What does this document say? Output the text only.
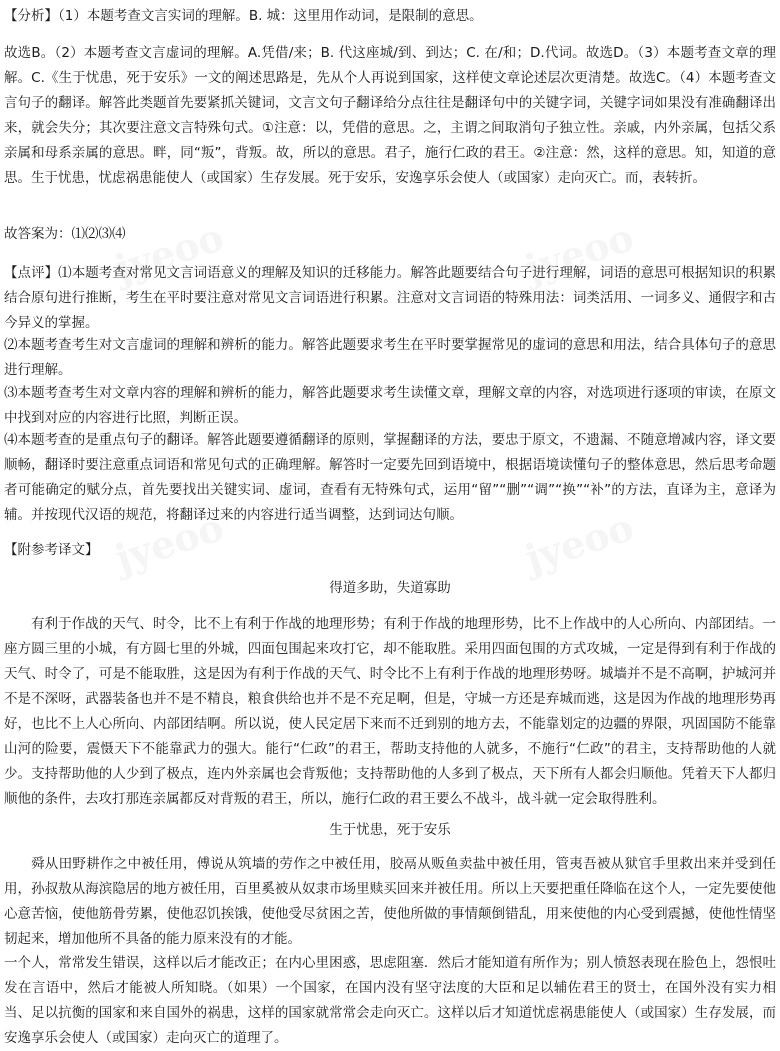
jyeoo	jyeoo
jyeoo	jyeoo

【分析】（1）本题考查文言实词的理解。B. 城：这里用作动词，是限制的意思。

故选B。（2）本题考查文言虚词的理解。A.凭借/来；B. 代这座城/到、到达；C. 在/和；D.代词。故选D。（3）本题考查文章的理解。C.《生于忧患，死于安乐》一文的阐述思路是，先从个人再说到国家，这样使文章论述层次更清楚。故选C。（4）本题考查文言句子的翻译。解答此类题首先要紧抓关键词，文言文句子翻译给分点往往是翻译句中的关键字词，关键字词如果没有准确翻译出来，就会失分；其次要注意文言特殊句式。①注意：以，凭借的意思。之，主谓之间取消句子独立性。亲戚，内外亲属，包括父系亲属和母系亲属的意思。畔，同“叛”，背叛。故，所以的意思。君子，施行仁政的君王。②注意：然，这样的意思。知，知道的意思。生于忧患，忧虑祸患能使人（或国家）生存发展。死于安乐，安逸享乐会使人（或国家）走向灭亡。而，表转折。

故答案为：⑴⑵⑶⑷

【点评】⑴本题考查对常见文言词语意义的理解及知识的迁移能力。解答此题要结合句子进行理解，词语的意思可根据知识的积累结合原句进行推断，考生在平时要注意对常见文言词语进行积累。注意对文言词语的特殊用法：词类活用、一词多义、通假字和古今异义的掌握。

⑵本题考查考生对文言虚词的理解和辨析的能力。解答此题要求考生在平时要掌握常见的虚词的意思和用法，结合具体句子的意思进行理解。

⑶本题考查考生对文章内容的理解和辨析的能力，解答此题要求考生读懂文章，理解文章的内容，对选项进行逐项的审读，在原文中找到对应的内容进行比照，判断正误。

⑷本题考查的是重点句子的翻译。解答此题要遵循翻译的原则，掌握翻译的方法，要忠于原文，不遗漏、不随意增减内容，译文要顺畅，翻译时要注意重点词语和常见句式的正确理解。解答时一定要先回到语境中，根据语境读懂句子的整体意思，然后思考命题者可能确定的赋分点，首先要找出关键实词、虚词，查看有无特殊句式，运用“留”“删”“调”“换”“补”的方法，直译为主，意译为辅。并按现代汉语的规范，将翻译过来的内容进行适当调整，达到词达句顺。

【附参考译文】

得道多助，失道寡助

有利于作战的天气、时令，比不上有利于作战的地理形势；有利于作战的地理形势，比不上作战中的人心所向、内部团结。一座方圆三里的小城，有方圆七里的外城，四面包围起来攻打它，却不能取胜。采用四面包围的方式攻城，一定是得到有利于作战的天气、时令了，可是不能取胜，这是因为有利于作战的天气、时令比不上有利于作战的地理形势呀。城墙并不是不高啊，护城河并不是不深呀，武器装备也并不是不精良，粮食供给也并不是不充足啊，但是，守城一方还是弃城而逃，这是因为作战的地理形势再好，也比不上人心所向、内部团结啊。所以说，使人民定居下来而不迁到别的地方去，不能靠划定的边疆的界限，巩固国防不能靠山河的险要，震慑天下不能靠武力的强大。能行“仁政”的君王，帮助支持他的人就多，不施行“仁政”的君主，支持帮助他的人就少。支持帮助他的人少到了极点，连内外亲属也会背叛他；支持帮助他的人多到了极点，天下所有人都会归顺他。凭着天下人都归顺他的条件，去攻打那连亲属都反对背叛的君王，所以，施行仁政的君王要么不战斗，战斗就一定会取得胜利。

生于忧患，死于安乐

舜从田野耕作之中被任用，傅说从筑墙的劳作之中被任用，胶鬲从贩鱼卖盐中被任用，管夷吾被从狱官手里救出来并受到任用，孙叔敖从海滨隐居的地方被任用，百里奚被从奴隶市场里赎买回来并被任用。所以上天要把重任降临在这个人，一定先要使他心意苦恼，使他筋骨劳累，使他忍饥挨饿，使他受尽贫困之苦，使他所做的事情颠倒错乱，用来使他的内心受到震撼，使他性情坚韧起来，增加他所不具备的能力原来没有的才能。

一个人，常常发生错误，这样以后才能改正；在内心里困惑，思虑阻塞．然后才能知道有所作为；别人愤怒表现在脸色上，怨恨吐发在言语中，然后才能被人所知晓。（如果）一个国家，在国内没有坚守法度的大臣和足以辅佐君王的贤士，在国外没有实力相当、足以抗衡的国家和来自国外的祸患，这样的国家就常常会走向灭亡。这样以后才知道忧虑祸患能使人（或国家）生存发展，而安逸享乐会使人（或国家）走向灭亡的道理了。
